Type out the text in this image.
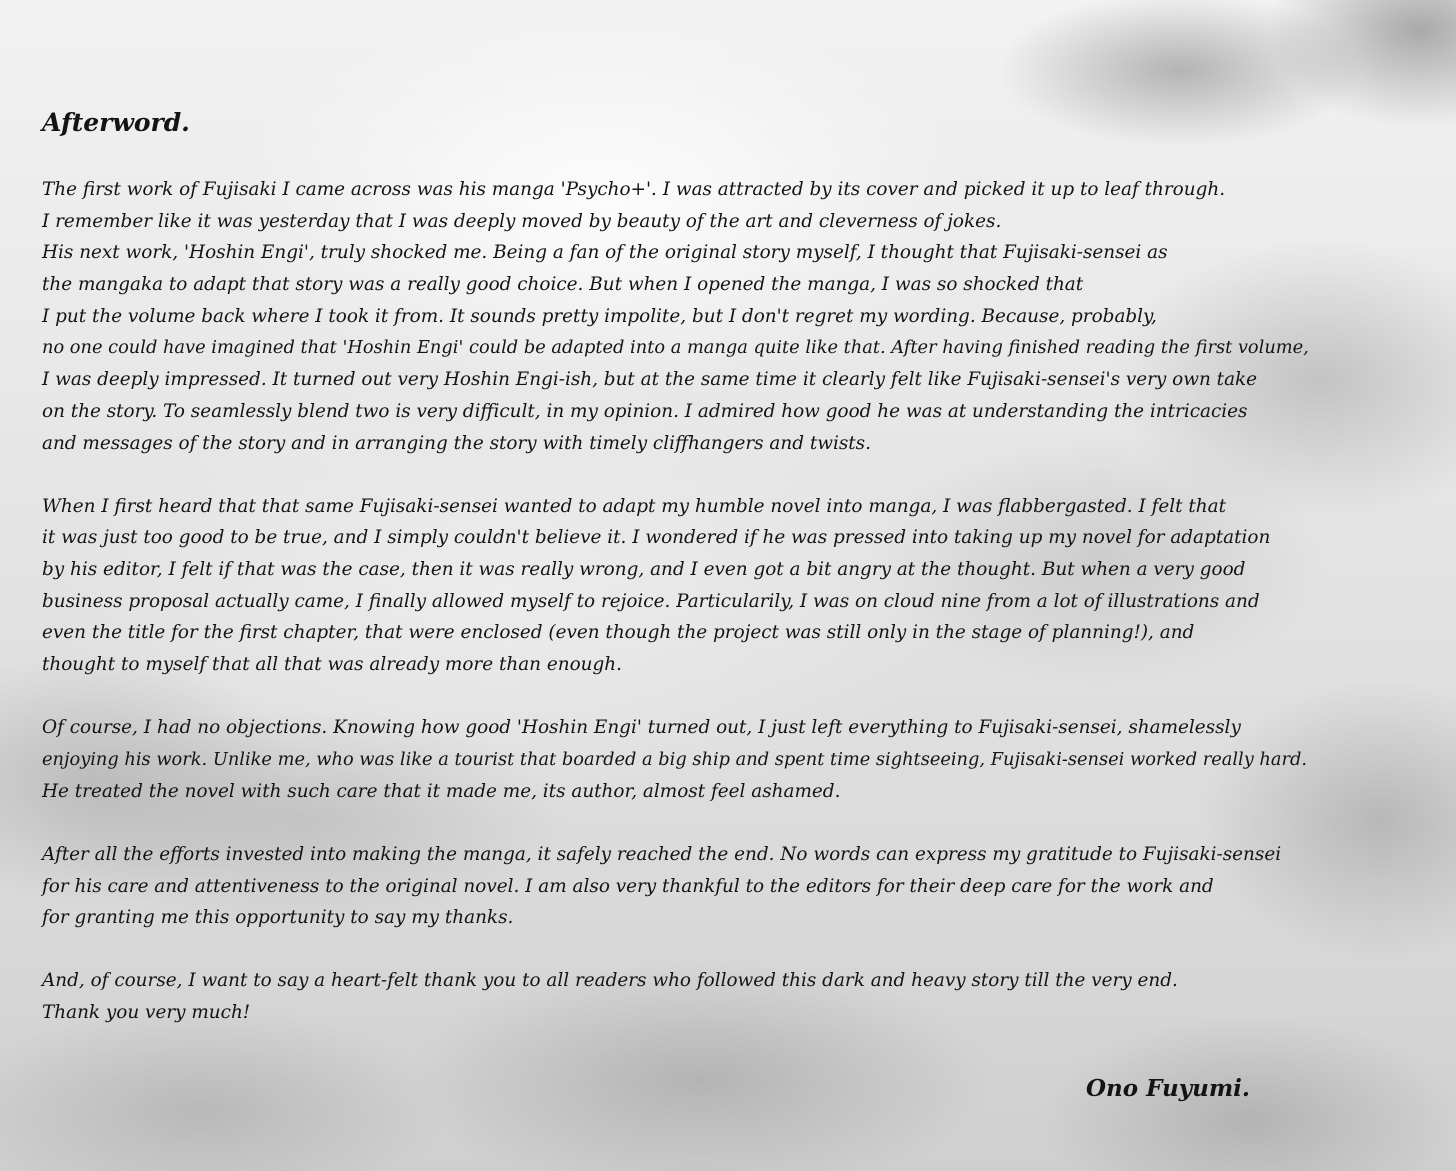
Afterword.
The first work of Fujisaki I came across was his manga 'Psycho+'. I was attracted by its cover and picked it up to leaf through.
I remember like it was yesterday that I was deeply moved by beauty of the art and cleverness of jokes.
His next work, 'Hoshin Engi', truly shocked me. Being a fan of the original story myself, I thought that Fujisaki-sensei as
the mangaka to adapt that story was a really good choice. But when I opened the manga, I was so shocked that
I put the volume back where I took it from. It sounds pretty impolite, but I don't regret my wording. Because, probably,
no one could have imagined that 'Hoshin Engi' could be adapted into a manga quite like that. After having finished reading the first volume,
I was deeply impressed. It turned out very Hoshin Engi-ish, but at the same time it clearly felt like Fujisaki-sensei's very own take
on the story. To seamlessly blend two is very difficult, in my opinion. I admired how good he was at understanding the intricacies
and messages of the story and in arranging the story with timely cliffhangers and twists.
When I first heard that that same Fujisaki-sensei wanted to adapt my humble novel into manga, I was flabbergasted. I felt that
it was just too good to be true, and I simply couldn't believe it. I wondered if he was pressed into taking up my novel for adaptation
by his editor, I felt if that was the case, then it was really wrong, and I even got a bit angry at the thought. But when a very good
business proposal actually came, I finally allowed myself to rejoice. Particularily, I was on cloud nine from a lot of illustrations and
even the title for the first chapter, that were enclosed (even though the project was still only in the stage of planning!), and
thought to myself that all that was already more than enough.
Of course, I had no objections. Knowing how good 'Hoshin Engi' turned out, I just left everything to Fujisaki-sensei, shamelessly
enjoying his work. Unlike me, who was like a tourist that boarded a big ship and spent time sightseeing, Fujisaki-sensei worked really hard.
He treated the novel with such care that it made me, its author, almost feel ashamed.
After all the efforts invested into making the manga, it safely reached the end. No words can express my gratitude to Fujisaki-sensei
for his care and attentiveness to the original novel. I am also very thankful to the editors for their deep care for the work and
for granting me this opportunity to say my thanks.
And, of course, I want to say a heart-felt thank you to all readers who followed this dark and heavy story till the very end.
Thank you very much!
Ono Fuyumi.
